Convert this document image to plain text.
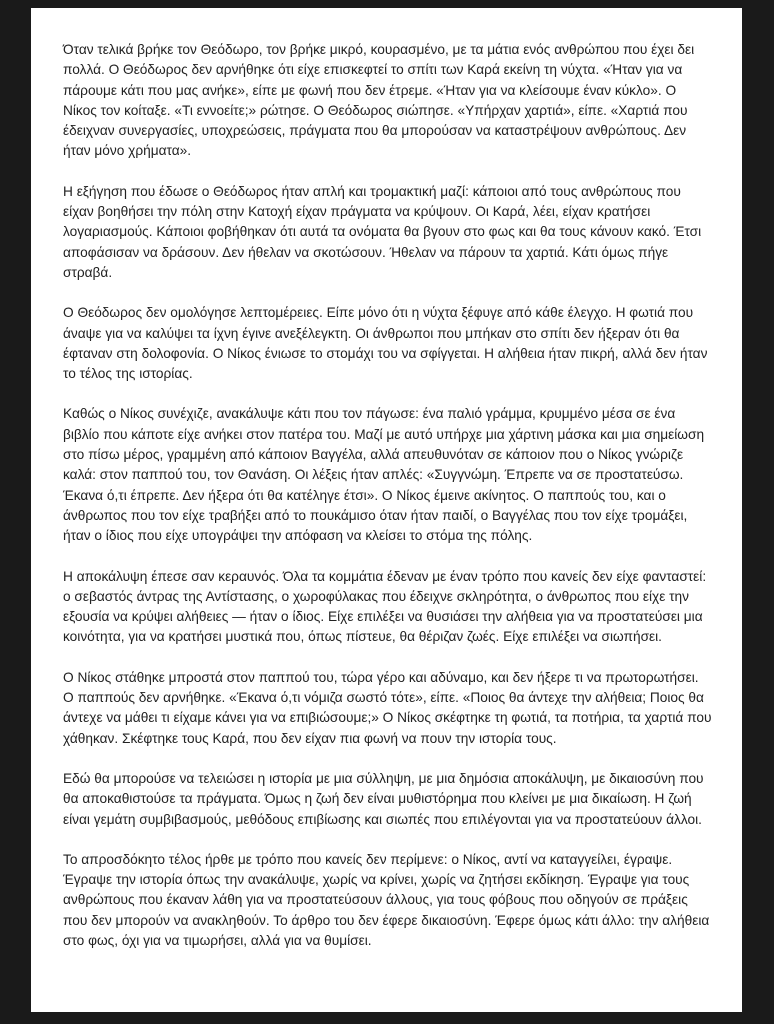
Όταν τελικά βρήκε τον Θεόδωρο, τον βρήκε μικρό, κουρασμένο, με τα μάτια ενός ανθρώπου που έχει δει πολλά. Ο Θεόδωρος δεν αρνήθηκε ότι είχε επισκεφτεί το σπίτι των Καρά εκείνη τη νύχτα. «Ήταν για να πάρουμε κάτι που μας ανήκε», είπε με φωνή που δεν έτρεμε. «Ήταν για να κλείσουμε έναν κύκλο». Ο Νίκος τον κοίταξε. «Τι εννοείτε;» ρώτησε. Ο Θεόδωρος σιώπησε. «Υπήρχαν χαρτιά», είπε. «Χαρτιά που έδειχναν συνεργασίες, υποχρεώσεις, πράγματα που θα μπορούσαν να καταστρέψουν ανθρώπους. Δεν ήταν μόνο χρήματα».

Η εξήγηση που έδωσε ο Θεόδωρος ήταν απλή και τρομακτική μαζί: κάποιοι από τους ανθρώπους που είχαν βοηθήσει την πόλη στην Κατοχή είχαν πράγματα να κρύψουν. Οι Καρά, λέει, είχαν κρατήσει λογαριασμούς. Κάποιοι φοβήθηκαν ότι αυτά τα ονόματα θα βγουν στο φως και θα τους κάνουν κακό. Έτσι αποφάσισαν να δράσουν. Δεν ήθελαν να σκοτώσουν. Ήθελαν να πάρουν τα χαρτιά. Κάτι όμως πήγε στραβά.

Ο Θεόδωρος δεν ομολόγησε λεπτομέρειες. Είπε μόνο ότι η νύχτα ξέφυγε από κάθε έλεγχο. Η φωτιά που άναψε για να καλύψει τα ίχνη έγινε ανεξέλεγκτη. Οι άνθρωποι που μπήκαν στο σπίτι δεν ήξεραν ότι θα έφταναν στη δολοφονία. Ο Νίκος ένιωσε το στομάχι του να σφίγγεται. Η αλήθεια ήταν πικρή, αλλά δεν ήταν το τέλος της ιστορίας.

Καθώς ο Νίκος συνέχιζε, ανακάλυψε κάτι που τον πάγωσε: ένα παλιό γράμμα, κρυμμένο μέσα σε ένα βιβλίο που κάποτε είχε ανήκει στον πατέρα του. Μαζί με αυτό υπήρχε μια χάρτινη μάσκα και μια σημείωση στο πίσω μέρος, γραμμένη από κάποιον Βαγγέλα, αλλά απευθυνόταν σε κάποιον που ο Νίκος γνώριζε καλά: στον παππού του, τον Θανάση. Οι λέξεις ήταν απλές: «Συγγνώμη. Έπρεπε να σε προστατεύσω. Έκανα ό,τι έπρεπε. Δεν ήξερα ότι θα κατέληγε έτσι». Ο Νίκος έμεινε ακίνητος. Ο παππούς του, και ο άνθρωπος που τον είχε τραβήξει από το πουκάμισο όταν ήταν παιδί, ο Βαγγέλας που τον είχε τρομάξει, ήταν ο ίδιος που είχε υπογράψει την απόφαση να κλείσει το στόμα της πόλης.

Η αποκάλυψη έπεσε σαν κεραυνός. Όλα τα κομμάτια έδεναν με έναν τρόπο που κανείς δεν είχε φανταστεί: ο σεβαστός άντρας της Αντίστασης, ο χωροφύλακας που έδειχνε σκληρότητα, ο άνθρωπος που είχε την εξουσία να κρύψει αλήθειες — ήταν ο ίδιος. Είχε επιλέξει να θυσιάσει την αλήθεια για να προστατεύσει μια κοινότητα, για να κρατήσει μυστικά που, όπως πίστευε, θα θέριζαν ζωές. Είχε επιλέξει να σιωπήσει.

Ο Νίκος στάθηκε μπροστά στον παππού του, τώρα γέρο και αδύναμο, και δεν ήξερε τι να πρωτορωτήσει. Ο παππούς δεν αρνήθηκε. «Έκανα ό,τι νόμιζα σωστό τότε», είπε. «Ποιος θα άντεχε την αλήθεια; Ποιος θα άντεχε να μάθει τι είχαμε κάνει για να επιβιώσουμε;» Ο Νίκος σκέφτηκε τη φωτιά, τα ποτήρια, τα χαρτιά που χάθηκαν. Σκέφτηκε τους Καρά, που δεν είχαν πια φωνή να πουν την ιστορία τους.

Εδώ θα μπορούσε να τελειώσει η ιστορία με μια σύλληψη, με μια δημόσια αποκάλυψη, με δικαιοσύνη που θα αποκαθιστούσε τα πράγματα. Όμως η ζωή δεν είναι μυθιστόρημα που κλείνει με μια δικαίωση. Η ζωή είναι γεμάτη συμβιβασμούς, μεθόδους επιβίωσης και σιωπές που επιλέγονται για να προστατεύουν άλλοι.

Το απροσδόκητο τέλος ήρθε με τρόπο που κανείς δεν περίμενε: ο Νίκος, αντί να καταγγείλει, έγραψε. Έγραψε την ιστορία όπως την ανακάλυψε, χωρίς να κρίνει, χωρίς να ζητήσει εκδίκηση. Έγραψε για τους ανθρώπους που έκαναν λάθη για να προστατεύσουν άλλους, για τους φόβους που οδηγούν σε πράξεις που δεν μπορούν να ανακληθούν. Το άρθρο του δεν έφερε δικαιοσύνη. Έφερε όμως κάτι άλλο: την αλήθεια στο φως, όχι για να τιμωρήσει, αλλά για να θυμίσει.
